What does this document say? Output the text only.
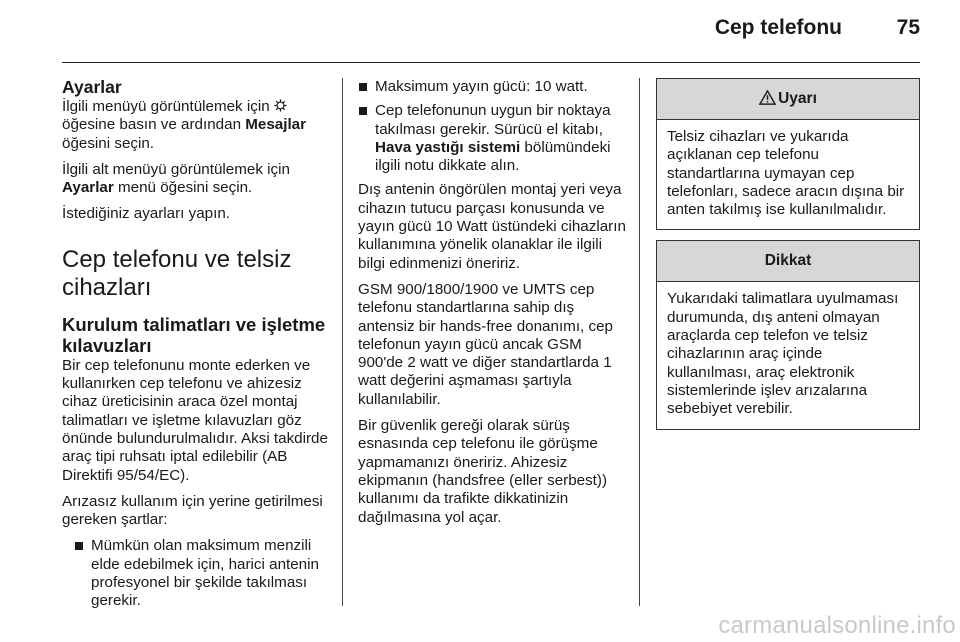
Cep telefonu	75
Ayarlar

İlgili menüyü görüntülemek için
öğesine basın ve ardından Mesajlar
öğesini seçin.

İlgili alt menüyü görüntülemek için
Ayarlar menü öğesini seçin.

İstediğiniz ayarları yapın.

Cep telefonu ve telsiz cihazları
Kurulum talimatları ve işletme kılavuzları

Bir cep telefonunu monte ederken ve kullanırken cep telefonu ve ahizesiz cihaz üreticisinin araca özel montaj talimatları ve işletme kılavuzları göz önünde bulundurulmalıdır. Aksi takdirde araç tipi ruhsatı iptal edilebilir (AB Direktifi 95/54/EC).

Arızasız kullanım için yerine getirilmesi gereken şartlar:

Mümkün olan maksimum menzili elde edebilmek için, harici antenin profesyonel bir şekilde takılması gerekir.
Maksimum yayın gücü: 10 watt.
Cep telefonunun uygun bir noktaya takılması gerekir. Sürücü el kitabı, Hava yastığı sistemi bölümündeki ilgili notu dikkate alın.

Dış antenin öngörülen montaj yeri veya cihazın tutucu parçası konusunda ve yayın gücü 10 Watt üstündeki cihazların kullanımına yönelik olanaklar ile ilgili bilgi edinmenizi öneririz.

GSM 900/1800/1900 ve UMTS cep telefonu standartlarına sahip dış antensiz bir hands-free donanımı, cep telefonun yayın gücü ancak GSM 900'de 2 watt ve diğer standartlarda 1 watt değerini aşmaması şartıyla kullanılabilir.

Bir güvenlik gereği olarak sürüş esnasında cep telefonu ile görüşme yapmamanızı öneririz. Ahizesiz ekipmanın (handsfree (eller serbest)) kullanımı da trafikte dikkatinizin dağılmasına yol açar.

Uyarı
Telsiz cihazları ve yukarıda açıklanan cep telefonu standartlarına uymayan cep telefonları, sadece aracın dışına bir anten takılmış ise kullanılmalıdır.
Dikkat
Yukarıdaki talimatlara uyulmaması durumunda, dış anteni olmayan araçlarda cep telefon ve telsiz cihazlarının araç içinde kullanılması, araç elektronik sistemlerinde işlev arızalarına sebebiyet verebilir.
carmanualsonline.info
